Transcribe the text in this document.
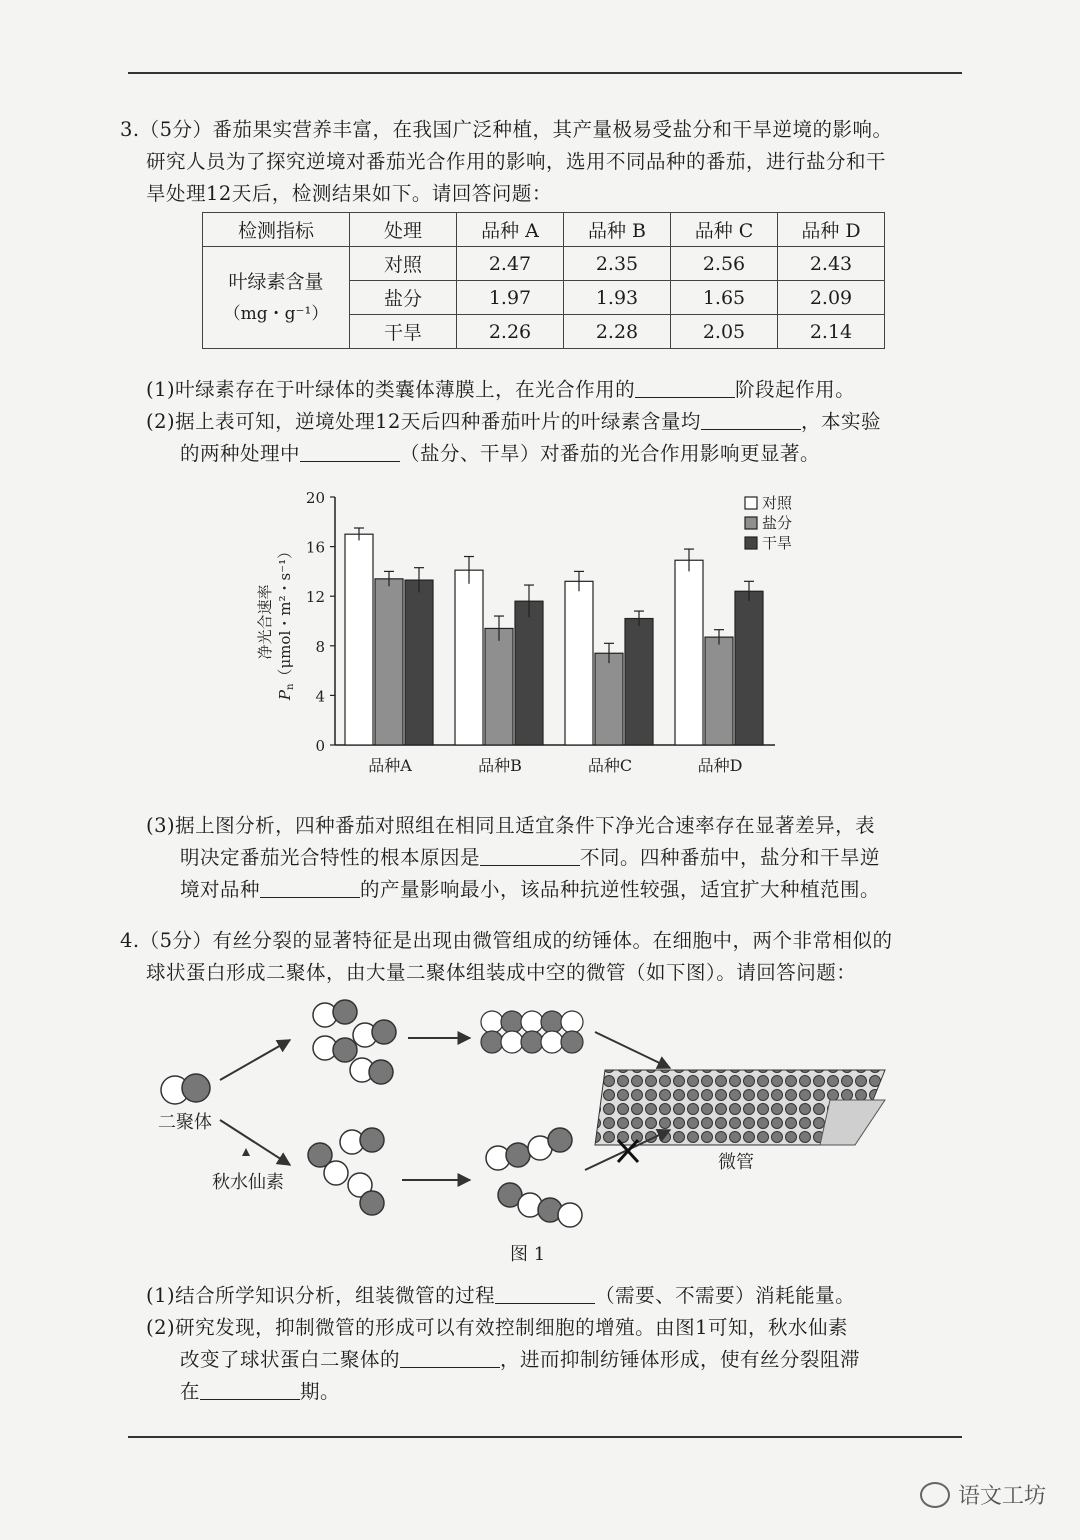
3.（5分）番茄果实营养丰富，在我国广泛种植，其产量极易受盐分和干旱逆境的影响。

研究人员为了探究逆境对番茄光合作用的影响，选用不同品种的番茄，进行盐分和干

旱处理12天后，检测结果如下。请回答问题：

检测指标	处理	品种 A	品种 B	品种 C	品种 D

叶绿素含量
（mg・g⁻¹）	对照	2.47	2.35	2.56	2.43
	盐分	1.97	1.93	1.65	2.09
	干旱	2.26	2.28	2.05	2.14

(1)叶绿素存在于叶绿体的类囊体薄膜上，在光合作用的	阶段起作用。

(2)据上表可知，逆境处理12天后四种番茄叶片的叶绿素含量均	，本实验

的两种处理中	（盐分、干旱）对番茄的光合作用影响更显著。

0
4
8
12
16
20
品种A	品种B	品种C	品种D
对照
盐分
干旱
$P_n(\mu mol$・m²・s⁻¹）
净光合速率

(3)据上图分析，四种番茄对照组在相同且适宜条件下净光合速率存在显著差异，表

明决定番茄光合特性的根本原因是	不同。四种番茄中，盐分和干旱逆

境对品种	的产量影响最小，该品种抗逆性较强，适宜扩大种植范围。

4.（5分）有丝分裂的显著特征是出现由微管组成的纺锤体。在细胞中，两个非常相似的

球状蛋白形成二聚体，由大量二聚体组装成中空的微管（如下图）。请回答问题：

二聚体
秋水仙素
微管
图 1

(1)结合所学知识分析，组装微管的过程	（需要、不需要）消耗能量。

(2)研究发现，抑制微管的形成可以有效控制细胞的增殖。由图1可知，秋水仙素

改变了球状蛋白二聚体的	，进而抑制纺锤体形成，使有丝分裂阻滞

在	期。

语文工坊
